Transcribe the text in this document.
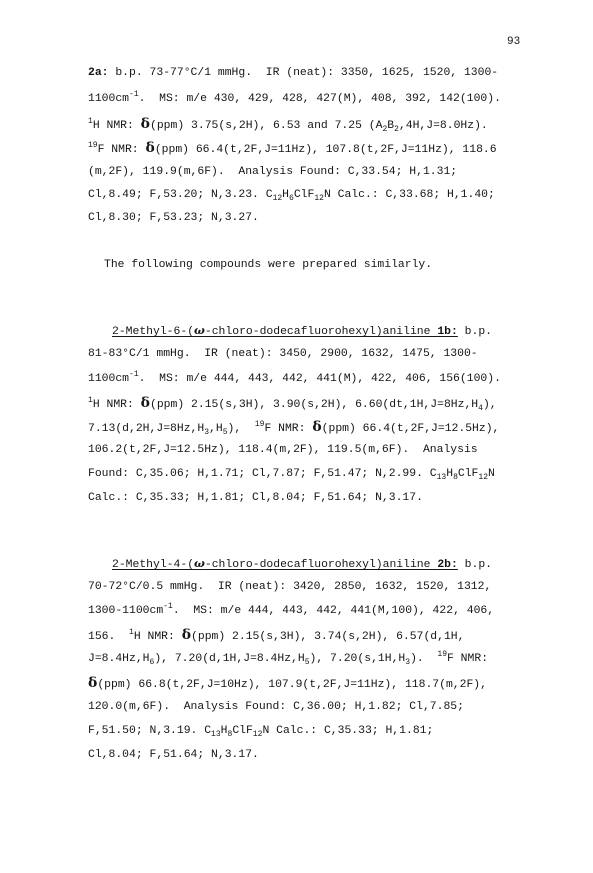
93
2a: b.p. 73-77°C/1 mmHg.  IR (neat): 3350, 1625, 1520, 1300-
$1100cm^{-1}$.  MS: m/e 430, 429, 428, 427(M), 408, 392, 142(100).
$^1$H NMR: δ(ppm) 3.75(s,2H), 6.53 and 7.25 $(A_2B_2,4H,J=8.0Hz)$.
$^{19}$F NMR: δ(ppm) 66.4(t,2F,J=11Hz), 107.8(t,2F,J=11Hz), 118.6
(m,2F), 119.9(m,6F).  Analysis Found: C,33.54; H,1.31;
Cl,8.49; F,53.20; N,3.23. $C_{12}H_6ClF_{12}N$ Calc.: C,33.68; H,1.40;
Cl,8.30; F,53.23; N,3.27.
The following compounds were prepared similarly.
2-Methyl-6-(ω-chloro-dodecafluorohexyl)aniline 1b: b.p.
81-83°C/1 mmHg.  IR (neat): 3450, 2900, 1632, 1475, 1300-
$1100cm^{-1}$.  MS: m/e 444, 443, 442, 441(M), 422, 406, 156(100).
$^1$H NMR: δ(ppm) 2.15(s,3H), 3.90(s,2H), $6.60(dt,1H,J=8Hz,H_4)$,
$7.13(d,2H,J=8Hz,H_3,H_5)$,  $^{19}$F NMR: δ(ppm) 66.4(t,2F,J=12.5Hz),
106.2(t,2F,J=12.5Hz), 118.4(m,2F), 119.5(m,6F).  Analysis
Found: C,35.06; H,1.71; Cl,7.87; F,51.47; N,2.99. $C_{13}H_8ClF_{12}N$
Calc.: C,35.33; H,1.81; Cl,8.04; F,51.64; N,3.17.
2-Methyl-4-(ω-chloro-dodecafluorohexyl)aniline 2b: b.p.
70-72°C/0.5 mmHg.  IR (neat): 3420, 2850, 1632, 1520, 1312,
$1300-1100cm^{-1}$.  MS: m/e 444, 443, 442, 441(M,100), 422, 406,
156.  $^1$H NMR: δ(ppm) 2.15(s,3H), 3.74(s,2H), 6.57(d,1H,
$J=8.4Hz,H_6$), $7.20(d,1H,J=8.4Hz,H_5)$, $7.20(s,1H,H_3)$.  $^{19}$F NMR:
δ(ppm) 66.8(t,2F,J=10Hz), 107.9(t,2F,J=11Hz), 118.7(m,2F),
120.0(m,6F).  Analysis Found: C,36.00; H,1.82; Cl,7.85;
F,51.50; N,3.19. $C_{13}H_8ClF_{12}N$ Calc.: C,35.33; H,1.81;
Cl,8.04; F,51.64; N,3.17.
